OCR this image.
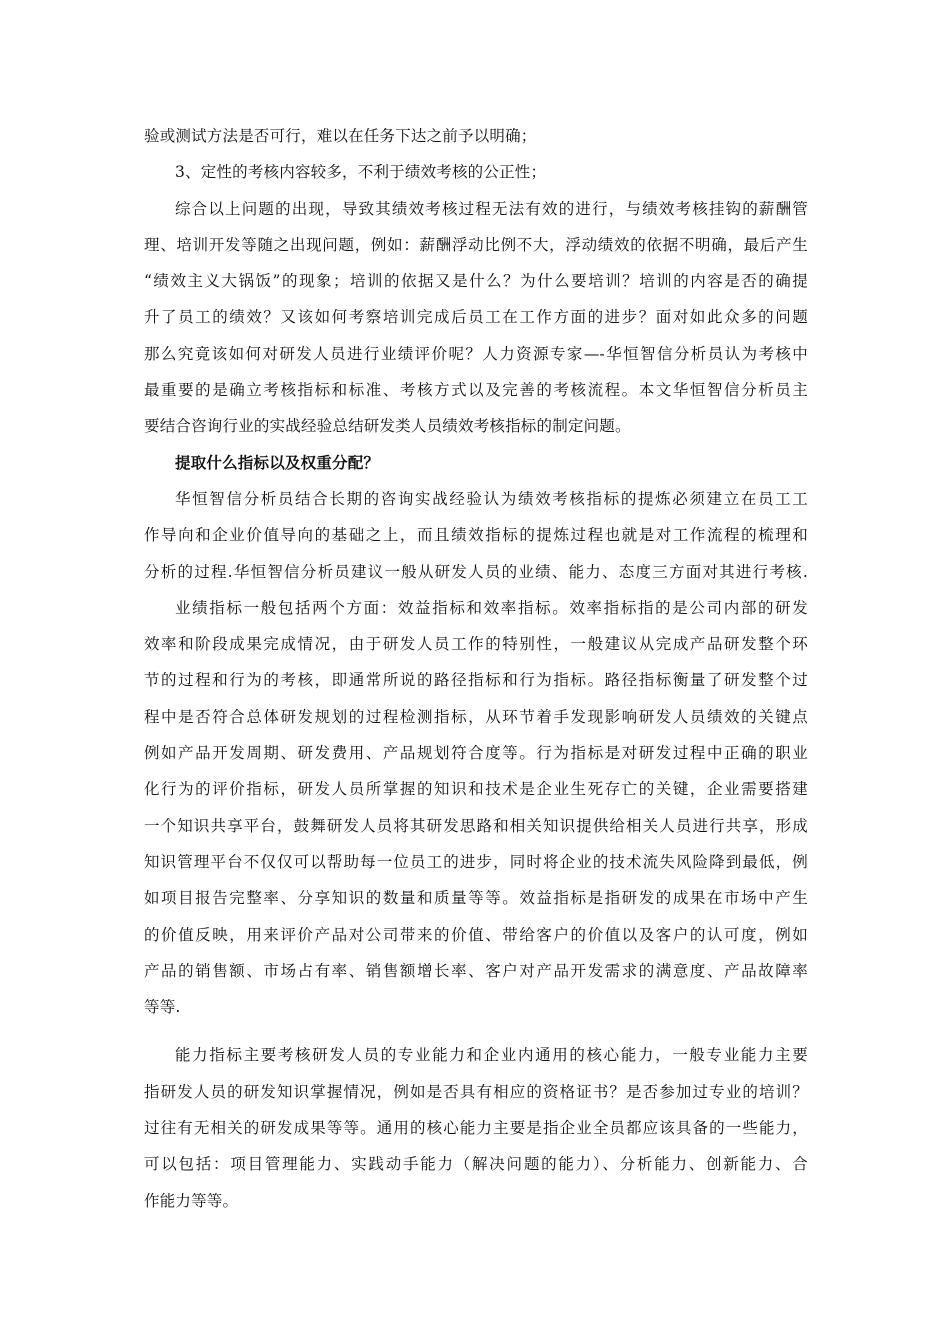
验或测试方法是否可行，难以在任务下达之前予以明确；
3、定性的考核内容较多，不利于绩效考核的公正性；
综合以上问题的出现，导致其绩效考核过程无法有效的进行，与绩效考核挂钩的薪酬管
理、培训开发等随之出现问题，例如：薪酬浮动比例不大，浮动绩效的依据不明确，最后产生
“绩效主义大锅饭”的现象；培训的依据又是什么？为什么要培训？培训的内容是否的确提
升了员工的绩效？又该如何考察培训完成后员工在工作方面的进步？面对如此众多的问题
那么究竟该如何对研发人员进行业绩评价呢？人力资源专家—-华恒智信分析员认为考核中
最重要的是确立考核指标和标准、考核方式以及完善的考核流程。本文华恒智信分析员主
要结合咨询行业的实战经验总结研发类人员绩效考核指标的制定问题。
提取什么指标以及权重分配？
华恒智信分析员结合长期的咨询实战经验认为绩效考核指标的提炼必须建立在员工工
作导向和企业价值导向的基础之上，而且绩效指标的提炼过程也就是对工作流程的梳理和
分析的过程.华恒智信分析员建议一般从研发人员的业绩、能力、态度三方面对其进行考核.
业绩指标一般包括两个方面：效益指标和效率指标。效率指标指的是公司内部的研发
效率和阶段成果完成情况，由于研发人员工作的特别性，一般建议从完成产品研发整个环
节的过程和行为的考核，即通常所说的路径指标和行为指标。路径指标衡量了研发整个过
程中是否符合总体研发规划的过程检测指标，从环节着手发现影响研发人员绩效的关键点
例如产品开发周期、研发费用、产品规划符合度等。行为指标是对研发过程中正确的职业
化行为的评价指标，研发人员所掌握的知识和技术是企业生死存亡的关键，企业需要搭建
一个知识共享平台，鼓舞研发人员将其研发思路和相关知识提供给相关人员进行共享，形成
知识管理平台不仅仅可以帮助每一位员工的进步，同时将企业的技术流失风险降到最低，例
如项目报告完整率、分享知识的数量和质量等等。效益指标是指研发的成果在市场中产生
的价值反映，用来评价产品对公司带来的价值、带给客户的价值以及客户的认可度，例如
产品的销售额、市场占有率、销售额增长率、客户对产品开发需求的满意度、产品故障率
等等.
能力指标主要考核研发人员的专业能力和企业内通用的核心能力，一般专业能力主要
指研发人员的研发知识掌握情况，例如是否具有相应的资格证书？是否参加过专业的培训？
过往有无相关的研发成果等等。通用的核心能力主要是指企业全员都应该具备的一些能力，
可以包括：项目管理能力、实践动手能力（解决问题的能力）、分析能力、创新能力、合
作能力等等。
